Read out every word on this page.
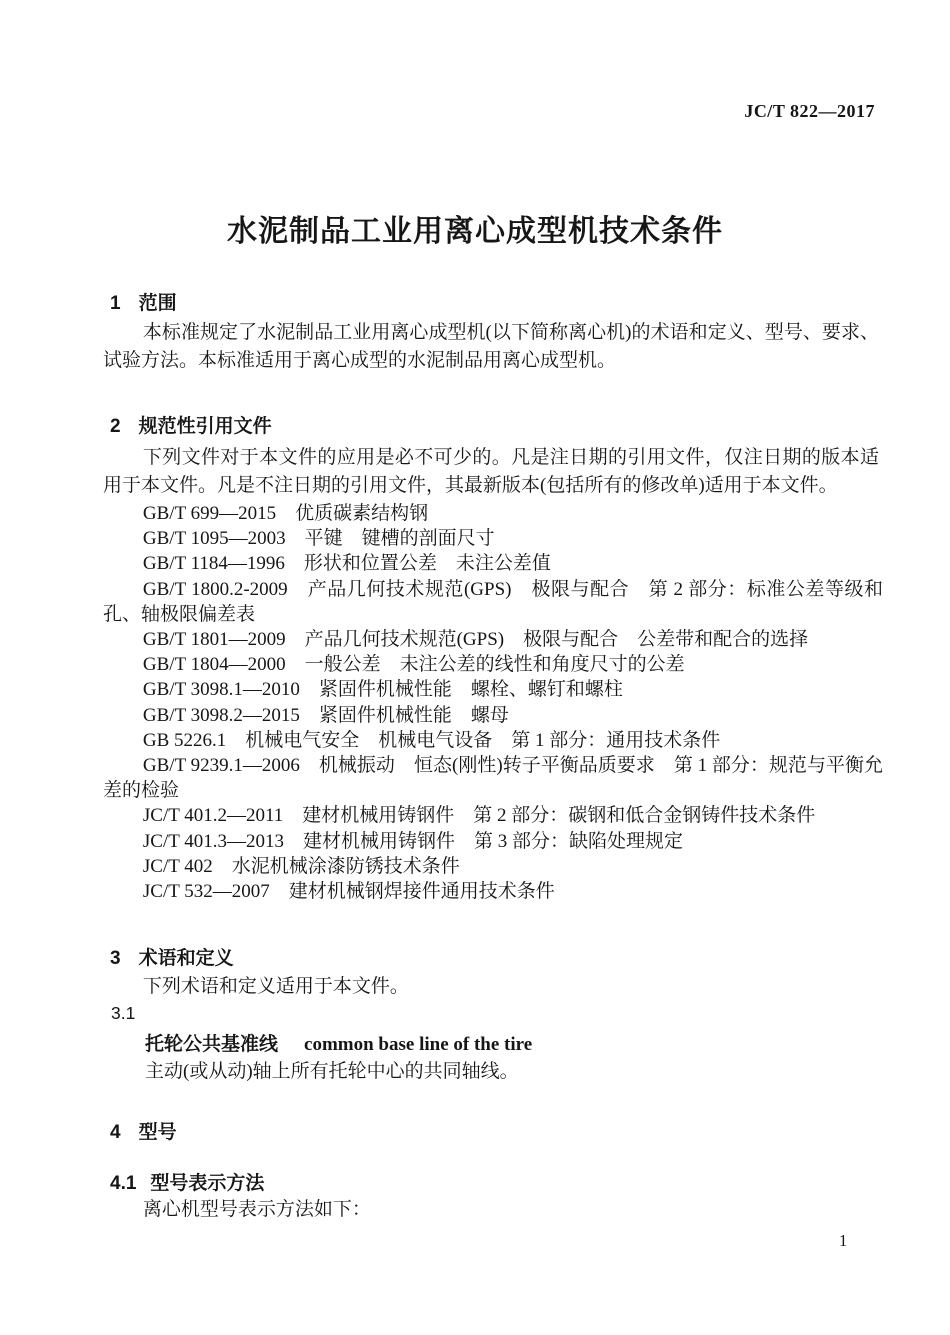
JC/T 822—2017
水泥制品工业用离心成型机技术条件
1 范围

本标准规定了水泥制品工业用离心成型机(以下简称离心机)的术语和定义、型号、要求、试验方法。本标准适用于离心成型的水泥制品用离心成型机。

2 规范性引用文件

下列文件对于本文件的应用是必不可少的。凡是注日期的引用文件，仅注日期的版本适用于本文件。凡是不注日期的引用文件，其最新版本(包括所有的修改单)适用于本文件。

GB/T 699—2015　优质碳素结构钢

GB/T 1095—2003　平键　键槽的剖面尺寸

GB/T 1184—1996　形状和位置公差　未注公差值

GB/T 1800.2-2009　产品几何技术规范(GPS)　极限与配合　第 2 部分：标准公差等级和孔、轴极限偏差表

GB/T 1801—2009　产品几何技术规范(GPS)　极限与配合　公差带和配合的选择

GB/T 1804—2000　一般公差　未注公差的线性和角度尺寸的公差

GB/T 3098.1—2010　紧固件机械性能　螺栓、螺钉和螺柱

GB/T 3098.2—2015　紧固件机械性能　螺母

GB 5226.1　机械电气安全　机械电气设备　第 1 部分：通用技术条件

GB/T 9239.1—2006　机械振动　恒态(刚性)转子平衡品质要求　第 1 部分：规范与平衡允差的检验

JC/T 401.2—2011　建材机械用铸钢件　第 2 部分：碳钢和低合金钢铸件技术条件

JC/T 401.3—2013　建材机械用铸钢件　第 3 部分：缺陷处理规定

JC/T 402　水泥机械涂漆防锈技术条件

JC/T 532—2007　建材机械钢焊接件通用技术条件

3 术语和定义

下列术语和定义适用于本文件。

3.1

托轮公共基准线 common base line of the tire

主动(或从动)轴上所有托轮中心的共同轴线。

4 型号
4.1 型号表示方法

离心机型号表示方法如下：

1
